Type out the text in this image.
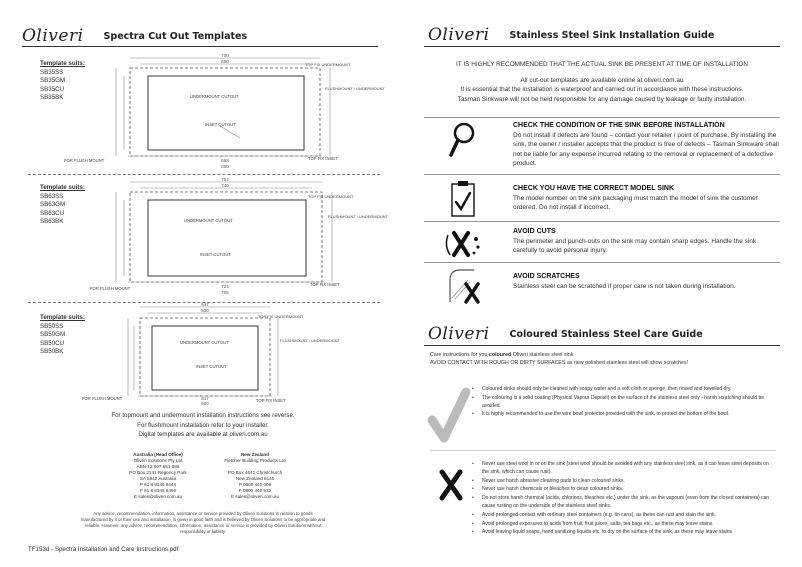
Oliveri Spectra Cut Out Templates
Template suits:
SB35SS
SB35GM
SB35CU
SB35BK
700
650
UNDERMOUNT CUTOUT
INSET CUTOUT
TOP FIX UNDERMOUNT
FLUSHMOUNT / UNDERMOUNT
FOR FLUSH MOUNT	TOP FIX INSET
668
650
Template suits:
SB63SS
SB63GM
SB63CU
SB63BK
754
740
UNDERMOUNT CUTOUT
INSET CUTOUT
TOP FIX UNDERMOUNT
FLUSHMOUNT / UNDERMOUNT
FOR FLUSH MOUNT
TOP FIX INSET
724
705
Template suits:
SB50SS
SB50GM
SB50CU
SB50BK
547
530
UNDERMOUNT CUTOUT
INSET CUTOUT
TOP FIX UNDERMOUNT
FLUSHMOUNT / UNDERMOUNT
FOR FLUSH MOUNT	TOP FIX INSET
517
500
For topmount and undermount installation instructions see reverse.
For flushmount installation refer to your installer.
Digital templates are available at oliveri.com.au
Australia (Head Office)
Oliveri Solutions Pty Ltd
ABN 12 007 551 886
PO Box 2141 Regency Park
SA 5942 Australia
P 61 8 8346 6444
F 61 8 8346 6495
E sales@oliveri.com.au
New Zealand
Fletcher Building Products Ltd
PO Box 4641 Christchurch
New Zealand 8140
P 0800 440 006
F 0800 440 532
E sales@oliveri.com.au
Any advice, recommendation, information, assistance or service provided by Oliveri Solutions in relation to goods manufactured by it or their use and installation, is given in good faith and is believed by Oliveri Solutions to be appropriate and reliable. However, any advice, recommendation, information, assistance or service is provided by Oliveri Solutions without responsibility or liability.
TF153d - Spectra Installation and Care Instructions.pdf
Oliveri Stainless Steel Sink Installation Guide
IT IS HIGHLY RECOMMENDED THAT THE ACTUAL SINK BE PRESENT AT TIME OF INSTALLATION
All cut-out templates are available online at oliveri.com.au
It is essential that the installation is waterproof and carried out in accordance with these instructions.
Tasman Sinkware will not be held responsible for any damage caused by leakage or faulty installation.
CHECK THE CONDITION OF THE SINK BEFORE INSTALLATION
Do not install if defects are found – contact your retailer / point of purchase. By installing the sink, the owner / installer accepts that the product is free of defects – Tasman Sinkware shall not be liable for any expense incurred relating to the removal or replacement of a defective product.
CHECK YOU HAVE THE CORRECT MODEL SINK
The model number on the sink packaging must match the model of sink the customer ordered. Do not install if incorrect.
AVOID CUTS
The perimeter and punch-outs on the sink may contain sharp edges. Handle the sink carefully to avoid personal injury.
AVOID SCRATCHES
Stainless steel can be scratched if proper care is not taken during installation.
Oliveri Coloured Stainless Steel Care Guide
Care instructions for you coloured Oliveri stainless steel sink
AVOID CONTACT WITH ROUGH OR DIRTY SURFACES as new polished stainless steel will show scratches!
• Coloured sinks should only be cleaned with soapy water and a soft cloth or sponge, then rinsed and towelled dry.
• The colouring is a solid coating (Physical Vapour Deposit) on the surface of the stainless steel only - harsh scratching should be avoided.
• It is highly recommended to use the wire bowl protector provided with the sink, to protect the bottom of the bowl.
• Never use steel wool in or on the sink (steel wool should be avoided with any stainless steel sink, as it can leave steel deposits on the sink, which can cause rust).
• Never use harsh abrasive cleaning pads to clean coloured sinks.
• Never use harsh chemicals or bleaches to clean coloured sinks.
• Do not store harsh chemical (acids, chlorines, bleaches etc.) under the sink, as the vapours (even from the closed containers) can cause rusting on the underside of the stainless steel sinks.
• Avoid prolonged contact with ordinary steel containers (e.g. tin cans), as these can rust and stain the sink.
• Avoid prolonged exposures to acids from fruit, fruit juices, salts, tea bags etc., as these may leave stains.
• Avoid leaving liquid soaps, hand sanitizing liquids etc. to dry on the surface of the sink, as these may leave stains.
